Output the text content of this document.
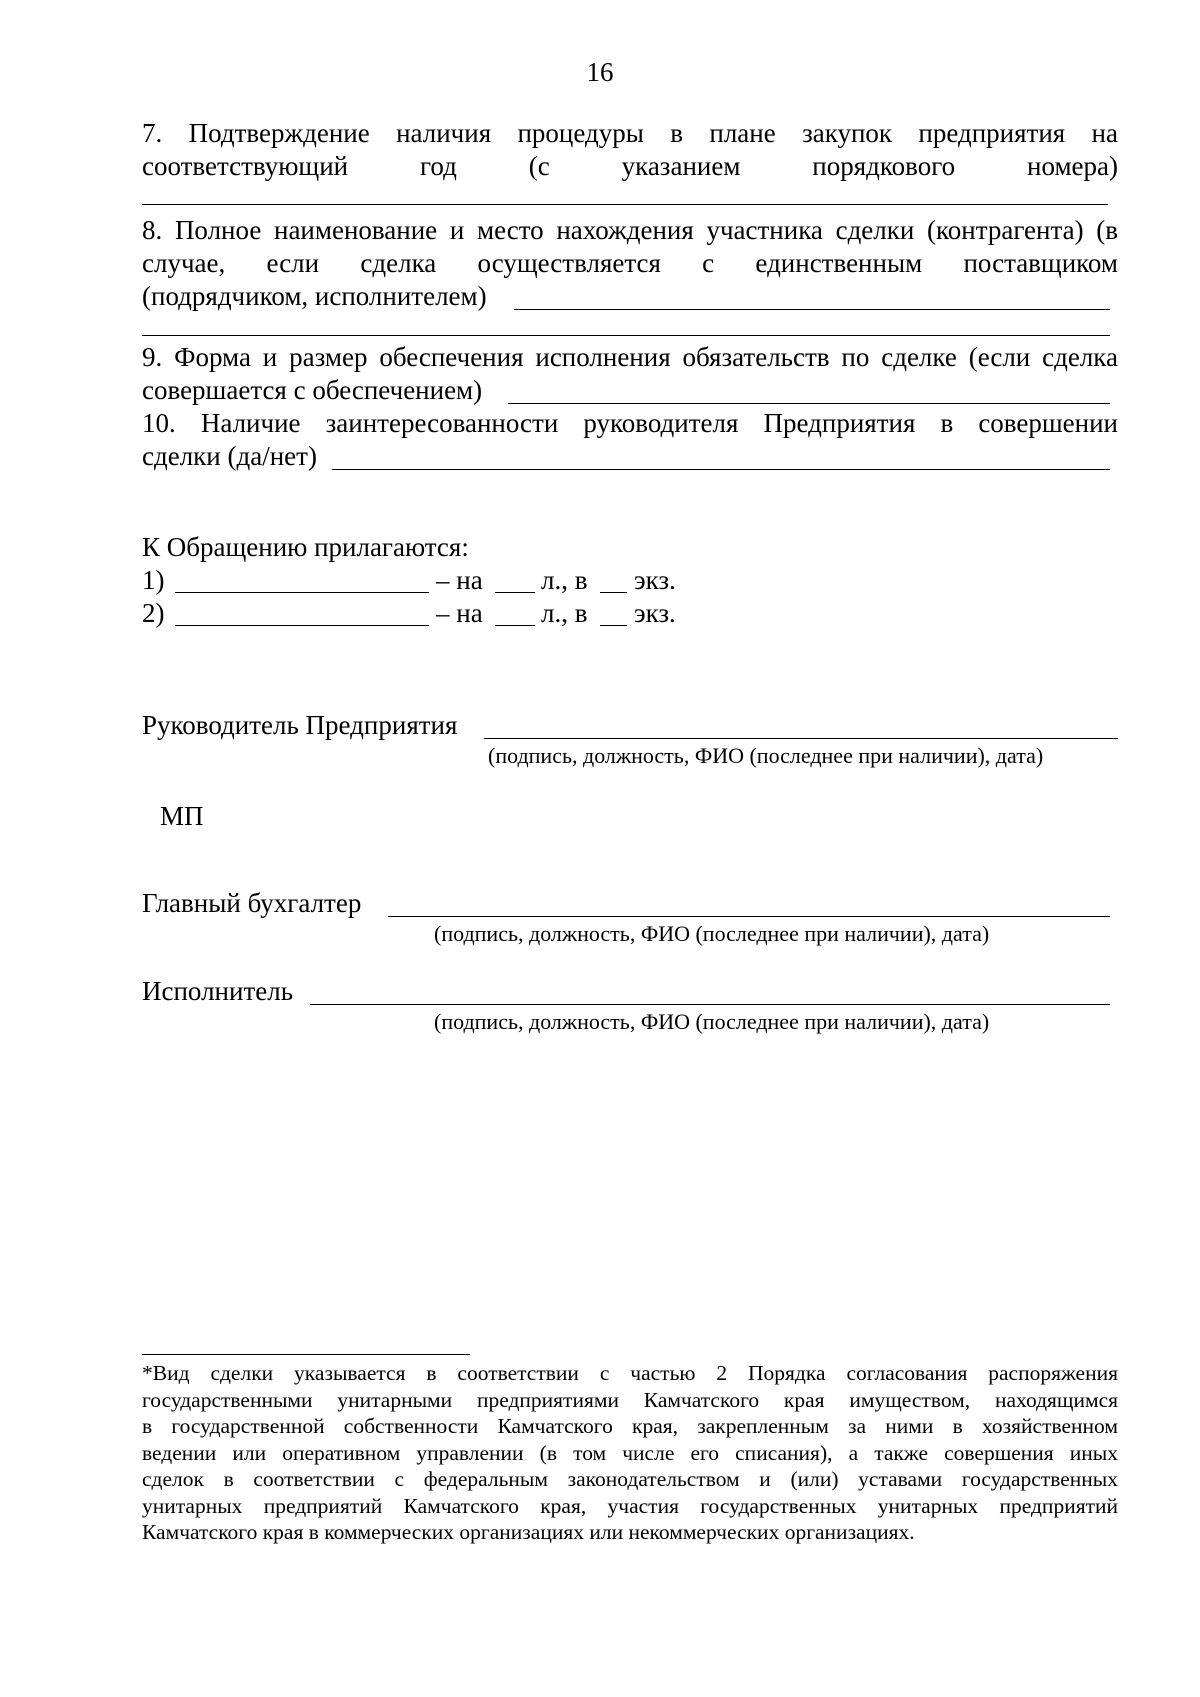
16
7. Подтверждение наличия процедуры в плане закупок предприятия на
соответствующий год (с указанием порядкового номера)
8. Полное наименование и место нахождения участника сделки (контрагента) (в
случае, если сделка осуществляется с единственным поставщиком
(подрядчиком, исполнителем)
9. Форма и размер обеспечения исполнения обязательств по сделке (если сделка
совершается с обеспечением)
10. Наличие заинтересованности руководителя Предприятия в совершении
сделки (да/нет)
К Обращению прилагаются:
1)	– на л., в экз.
2)	– на л., в экз.
Руководитель Предприятия
(подпись, должность, ФИО (последнее при наличии), дата)
МП
Главный бухгалтер
(подпись, должность, ФИО (последнее при наличии), дата)
Исполнитель
(подпись, должность, ФИО (последнее при наличии), дата)
*Вид сделки указывается в соответствии с частью 2 Порядка согласования распоряжения
государственными унитарными предприятиями Камчатского края имуществом, находящимся
в государственной собственности Камчатского края, закрепленным за ними в хозяйственном
ведении или оперативном управлении (в том числе его списания), а также совершения иных
сделок в соответствии с федеральным законодательством и (или) уставами государственных
унитарных предприятий Камчатского края, участия государственных унитарных предприятий
Камчатского края в коммерческих организациях или некоммерческих организациях.
